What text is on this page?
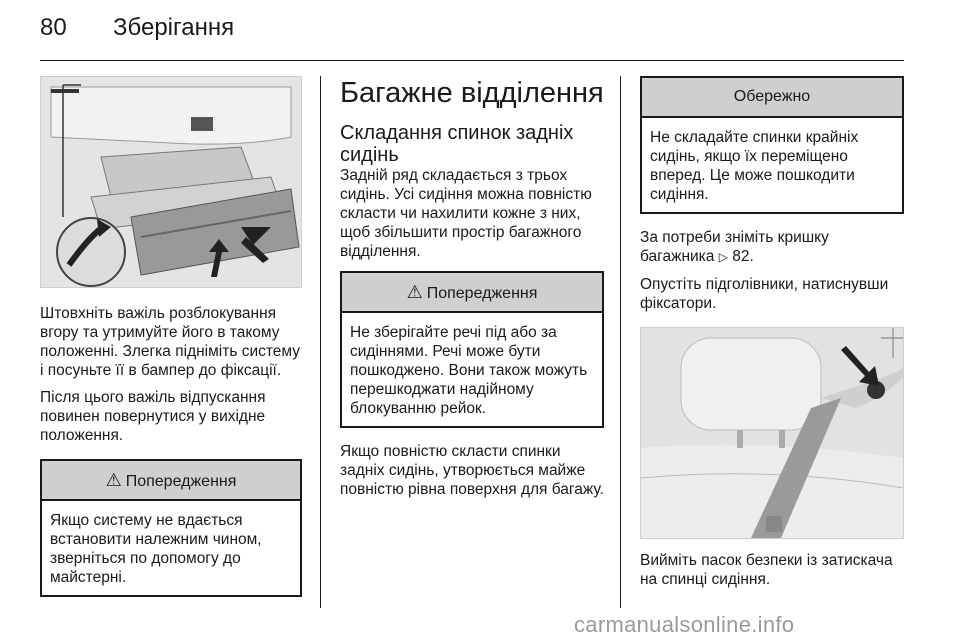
80 Зберігання

Штовхніть важіль розблокування вгору та утримуйте його в такому положенні. Злегка підніміть систему і посуньте її в бампер до фіксації.

Після цього важіль відпускання повинен повернутися у вихідне положення.

⚠ Попередження
Якщо систему не вдається встановити належним чином, зверніться по допомогу до майстерні.
Багажне відділення
Складання спинок задніх сидінь

Задній ряд складається з трьох сидінь. Усі сидіння можна повністю скласти чи нахилити кожне з них, щоб збільшити простір багажного відділення.

⚠ Попередження
Не зберігайте речі під або за сидіннями. Речі може бути пошкоджено. Вони також можуть перешкоджати надійному блокуванню рейок.

Якщо повністю скласти спинки задніх сидінь, утворюється майже повністю рівна поверхня для багажу.

Обережно
Не складайте спинки крайніх сидінь, якщо їх переміщено вперед. Це може пошкодити сидіння.

За потреби зніміть кришку багажника ▷ 82.

Опустіть підголівники, натиснувши фіксатори.

Вийміть пасок безпеки із затискача на спинці сидіння.

carmanualsonline.info
